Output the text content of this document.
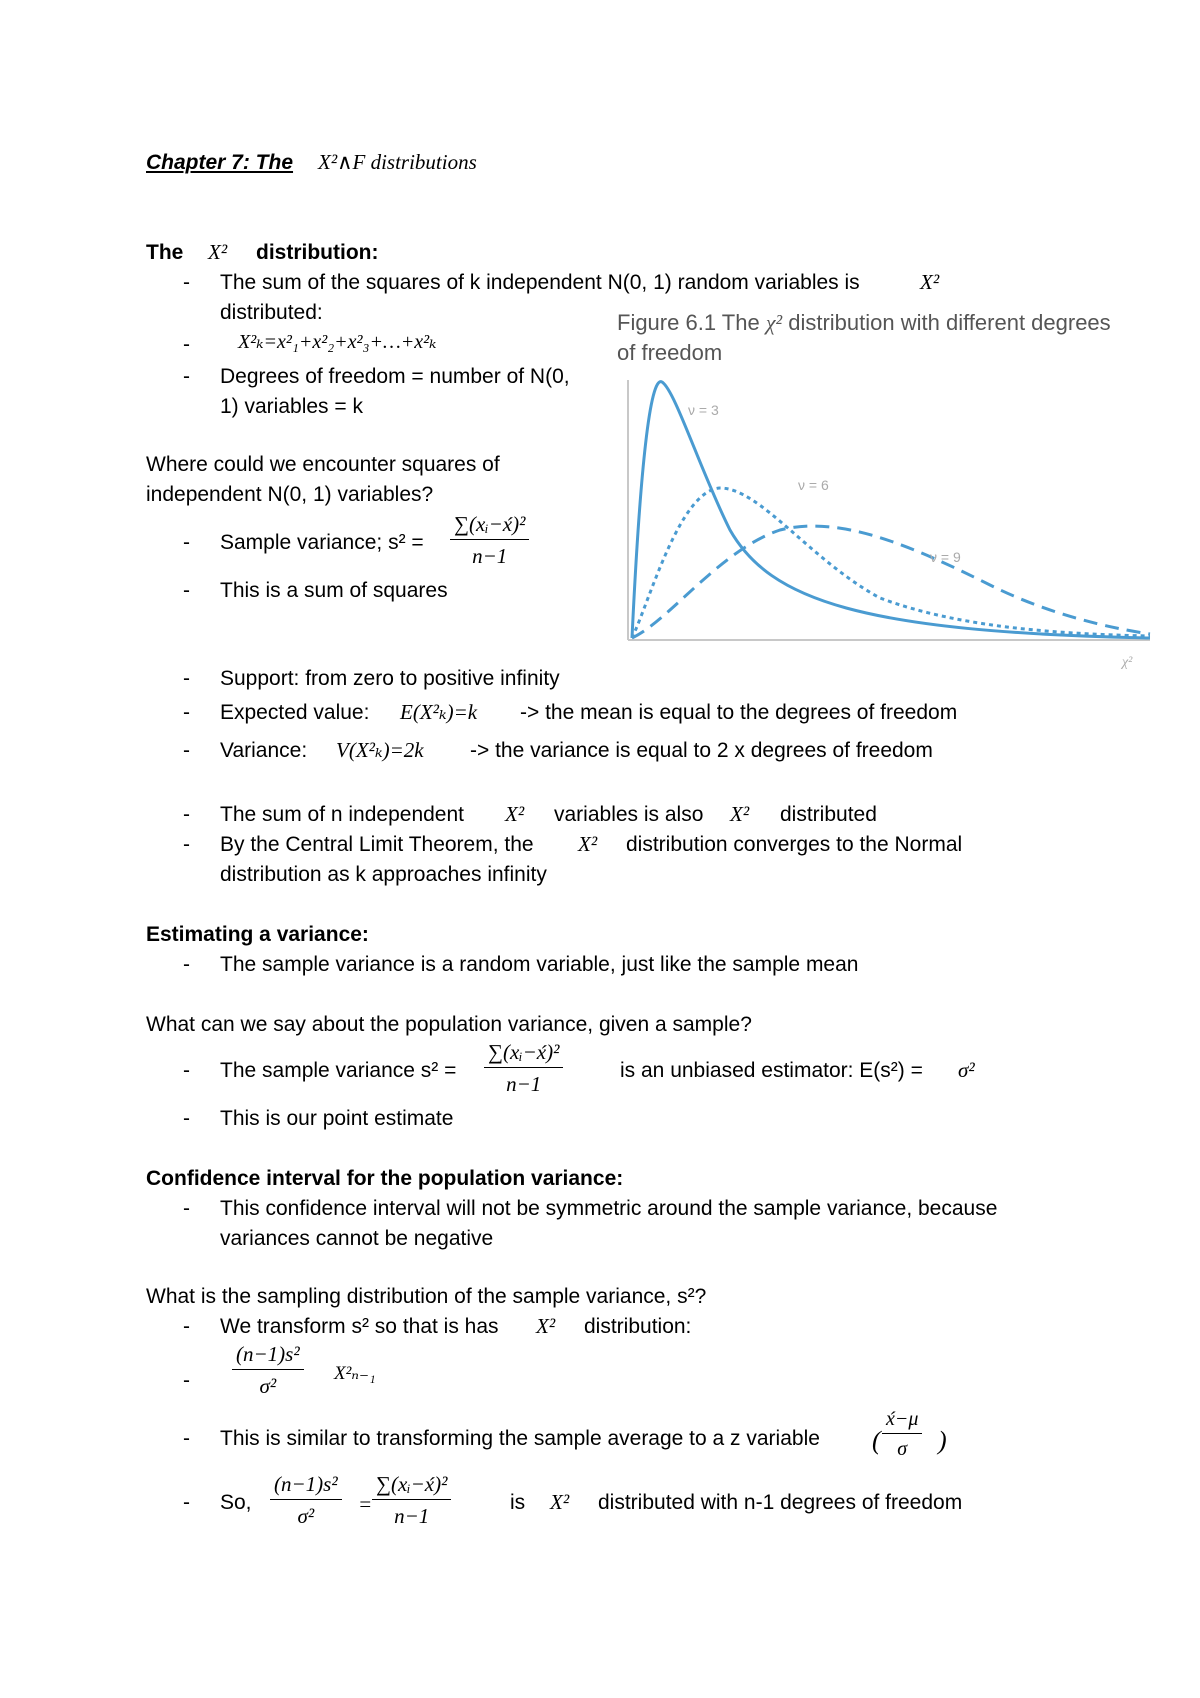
Chapter 7: The Χ²∧F distributions
The Χ² distribution:
- The sum of the squares of k independent N(0, 1) random variables is	Χ²
distributed:
- Χ²ₖ=x²₁+x²₂+x²₃+…+x²ₖ
- Degrees of freedom = number of N(0,
1) variables = k
Where could we encounter squares of
independent N(0, 1) variables?
- Sample variance; $s^2 = \frac{\text{∑(xᵢ−x́)²}}{n-1}$
- This is a sum of squares
Figure 6.1 The χ² distribution with different degrees
of freedom
ν = 3
ν = 6
ν = 9
χ²
- Support: from zero to positive infinity
- Expected value: E(X²ₖ)=k -> the mean is equal to the degrees of freedom
- Variance: V(X²ₖ)=2k -> the variance is equal to 2 x degrees of freedom
- The sum of n independent Χ² variables is also Χ² distributed
- By the Central Limit Theorem, the Χ² distribution converges to the Normal
distribution as k approaches infinity
Estimating a variance:
- The sample variance is a random variable, just like the sample mean
What can we say about the population variance, given a sample?
- The sample variance $s^2 = \frac{\text{∑(xᵢ−x́)²}}{n-1}$	is an unbiased estimator: E(s²) = σ²
- This is our point estimate
Confidence interval for the population variance:
- This confidence interval will not be symmetric around the sample variance, because
variances cannot be negative
What is the sampling distribution of the sample variance, s²?
- We transform s² so that is has Χ² distribution:
- $\frac{\text{(n−1)s²}}{\text{σ²}} X^2_{n-1}$
- This is similar to transforming the sample average to a z variable ( $\frac{x́-\mu}{\sigma}$ )
- So, $\frac{\text{(n−1)s²}}{\text{σ²}} = \frac{\text{∑(xᵢ−x́)²}}{n-1}$	is Χ² distributed with n-1 degrees of freedom
